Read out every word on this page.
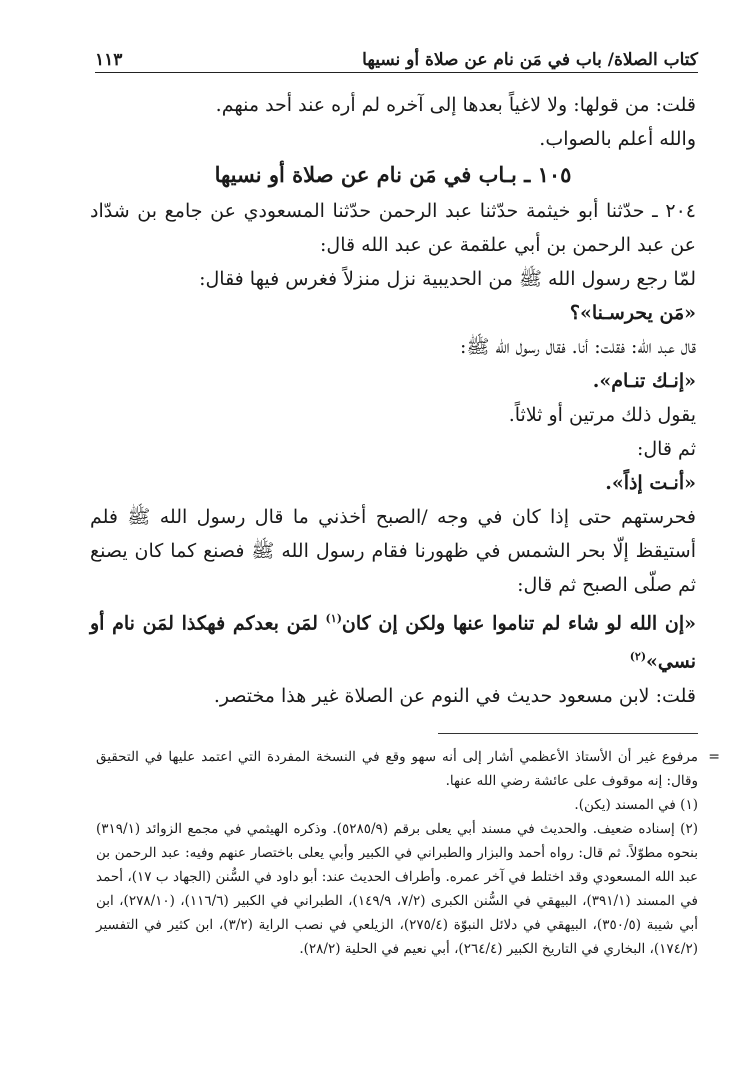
كتاب الصلاة/ باب في مَن نام عن صلاة أو نسيها
١١٣

قلت: من قولها: ولا لاغياً بعدها إلى آخره لم أره عند أحد منهم.

والله أعلم بالصواب.

١٠٥ ـ بـاب في مَن نام عن صلاة أو نسيها

٢٠٤ ـ حدّثنا أبو خيثمة حدّثنا عبد الرحمن حدّثنا المسعودي عن جامع بن شدّاد عن عبد الرحمن بن أبي علقمة عن عبد الله قال:

لمّا رجع رسول الله ﷺ من الحديبية نزل منزلاً فغرس فيها فقال:

«مَن يحرسـنا»؟

قال عبد الله: فقلت: أنا. فقال رسول الله ﷺ:

«إنـك تنـام».

يقول ذلك مرتين أو ثلاثاً.

ثم قال:

«أنـت إذاً».

فحرستهم حتى إذا كان في وجه /الصبح أخذني ما قال رسول الله ﷺ فلم أستيقظ إلّا بحر الشمس في ظهورنا فقام رسول الله ﷺ فصنع كما كان يصنع ثم صلّى الصبح ثم قال:

«إن الله لو شاء لم تناموا عنها ولكن إن كان$^{(١)}$ لمَن بعدكم فهكذا لمَن نام أو نسي»$^{(٢)}$

قلت: لابن مسعود حديث في النوم عن الصلاة غير هذا مختصر.

=

مرفوع غير أن الأستاذ الأعظمي أشار إلى أنه سهو وقع في النسخة المفردة التي اعتمد عليها في التحقيق وقال: إنه موقوف على عائشة رضي الله عنها.

(١) في المسند (يكن).

(٢) إسناده ضعيف. والحديث في مسند أبي يعلى برقم (٥٢٨٥/٩). وذكره الهيثمي في مجمع الزوائد (٣١٩/١) بنحوه مطوّلاً. ثم قال: رواه أحمد والبزار والطبراني في الكبير وأبي يعلى باختصار عنهم وفيه: عبد الرحمن بن عبد الله المسعودي وقد اختلط في آخر عمره. وأطراف الحديث عند: أبو داود في السُّنن (الجهاد ب ١٧)، أحمد في المسند (٣٩١/١)، البيهقي في السُّنن الكبرى (٧/٢، ١٤٩/٩)، الطبراني في الكبير (١١٦/٦)، (٢٧٨/١٠)، ابن أبي شيبة (٣٥٠/٥)، البيهقي في دلائل النبوّة (٢٧٥/٤)، الزيلعي في نصب الراية (٣/٢)، ابن كثير في التفسير (١٧٤/٢)، البخاري في التاريخ الكبير (٢٦٤/٤)، أبي نعيم في الحلية (٢٨/٢).
